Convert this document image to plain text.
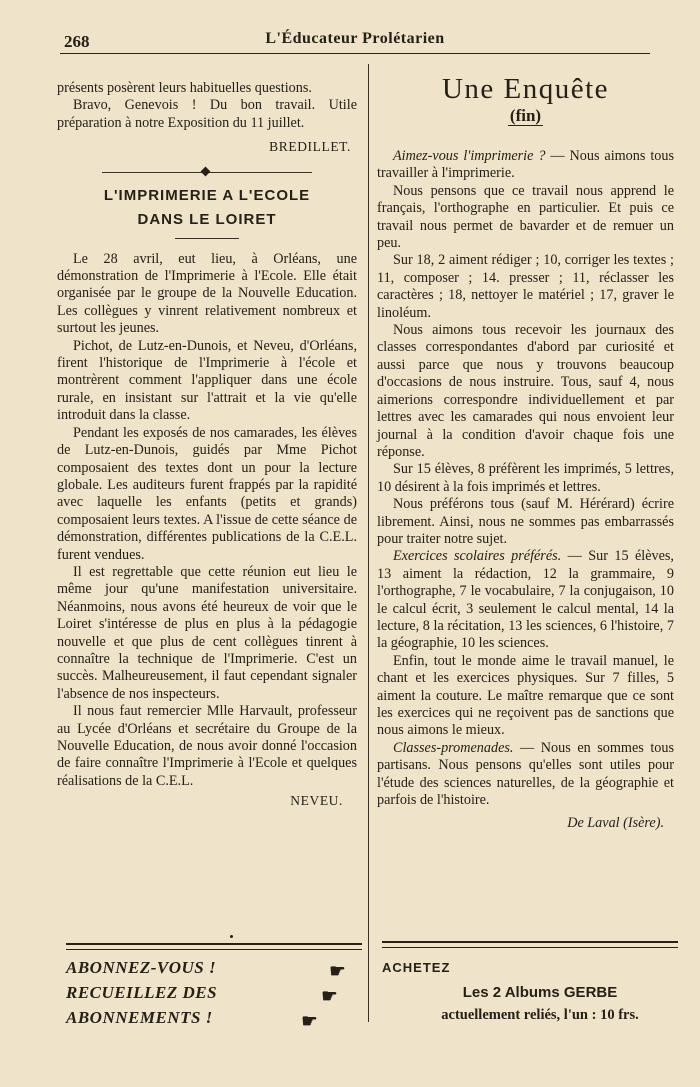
268	L'Éducateur Prolétarien

présents posèrent leurs habituelles questions.

Bravo, Genevois ! Du bon travail. Utile préparation à notre Exposition du 11 juillet.

BREDILLET.
L'IMPRIMERIE A L'ECOLE
DANS LE LOIRET

Le 28 avril, eut lieu, à Orléans, une démonstration de l'Imprimerie à l'Ecole. Elle était organisée par le groupe de la Nouvelle Education. Les collègues y vinrent relativement nombreux et surtout les jeunes.

Pichot, de Lutz-en-Dunois, et Neveu, d'Orléans, firent l'historique de l'Imprimerie à l'école et montrèrent comment l'appliquer dans une école rurale, en insistant sur l'attrait et la vie qu'elle introduit dans la classe.

Pendant les exposés de nos camarades, les élèves de Lutz-en-Dunois, guidés par Mme Pichot composaient des textes dont un pour la lecture globale. Les auditeurs furent frappés par la rapidité avec laquelle les enfants (petits et grands) composaient leurs textes. A l'issue de cette séance de démonstration, différentes publications de la C.E.L. furent vendues.

Il est regrettable que cette réunion eut lieu le même jour qu'une manifestation universitaire. Néanmoins, nous avons été heureux de voir que le Loiret s'intéresse de plus en plus à la pédagogie nouvelle et que plus de cent collègues tinrent à connaître la technique de l'Imprimerie. C'est un succès. Malheureusement, il faut cependant signaler l'absence de nos inspecteurs.

Il nous faut remercier Mlle Harvault, professeur au Lycée d'Orléans et secrétaire du Groupe de la Nouvelle Education, de nous avoir donné l'occasion de faire connaître l'Imprimerie à l'Ecole et quelques réalisations de la C.E.L.

NEVEU.
Une Enquête
(fin)

Aimez-vous l'imprimerie ? — Nous aimons tous travailler à l'imprimerie.

Nous pensons que ce travail nous apprend le français, l'orthographe en particulier. Et puis ce travail nous permet de bavarder et de remuer un peu.

Sur 18, 2 aiment rédiger ; 10, corriger les textes ; 11, composer ; 14. presser ; 11, réclasser les caractères ; 18, nettoyer le matériel ; 17, graver le linoléum.

Nous aimons tous recevoir les journaux des classes correspondantes d'abord par curiosité et aussi parce que nous y trouvons beaucoup d'occasions de nous instruire. Tous, sauf 4, nous aimerions correspondre individuellement et par lettres avec les camarades qui nous envoient leur journal à la condition d'avoir chaque fois une réponse.

Sur 15 élèves, 8 préfèrent les imprimés, 5 lettres, 10 désirent à la fois imprimés et lettres.

Nous préférons tous (sauf M. Hérérard) écrire librement. Ainsi, nous ne sommes pas embarrassés pour traiter notre sujet.

Exercices scolaires préférés. — Sur 15 élèves, 13 aiment la rédaction, 12 la grammaire, 9 l'orthographe, 7 le vocabulaire, 7 la conjugaison, 10 le calcul écrit, 3 seulement le calcul mental, 14 la lecture, 8 la récitation, 13 les sciences, 6 l'histoire, 7 la géographie, 10 les sciences.

Enfin, tout le monde aime le travail manuel, le chant et les exercices physiques. Sur 7 filles, 5 aiment la couture. Le maître remarque que ce sont les exercices qui ne reçoivent pas de sanctions que nous aimons le mieux.

Classes-promenades. — Nous en sommes tous partisans. Nous pensons qu'elles sont utiles pour l'étude des sciences naturelles, de la géographie et parfois de l'histoire.

De Laval (Isère).
ABONNEZ-VOUS !	☛
RECUEILLEZ DES	☛
ABONNEMENTS !	☛
ACHETEZ
Les 2 Albums GERBE
actuellement reliés, l'un : 10 frs.
